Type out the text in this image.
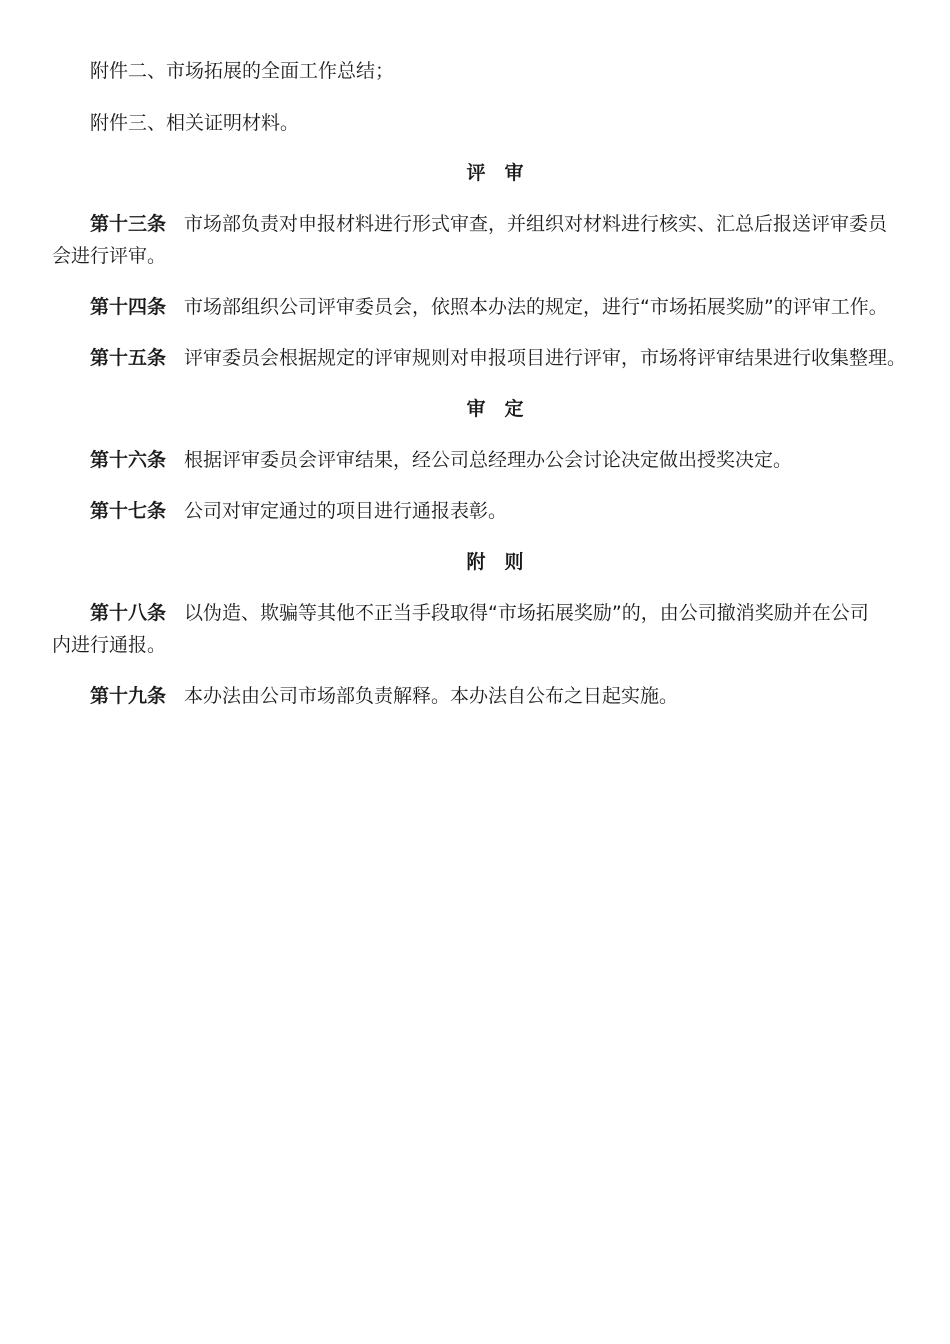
附件二、市场拓展的全面工作总结；
附件三、相关证明材料。
评　审
第十三条 市场部负责对申报材料进行形式审查，并组织对材料进行核实、汇总后报送评审委员
会进行评审。
第十四条 市场部组织公司评审委员会，依照本办法的规定，进行“市场拓展奖励”的评审工作。
第十五条 评审委员会根据规定的评审规则对申报项目进行评审，市场将评审结果进行收集整理。
审　定
第十六条 根据评审委员会评审结果，经公司总经理办公会讨论决定做出授奖决定。
第十七条 公司对审定通过的项目进行通报表彰。
附　则
第十八条 以伪造、欺骗等其他不正当手段取得“市场拓展奖励”的，由公司撤消奖励并在公司
内进行通报。
第十九条 本办法由公司市场部负责解释。本办法自公布之日起实施。
